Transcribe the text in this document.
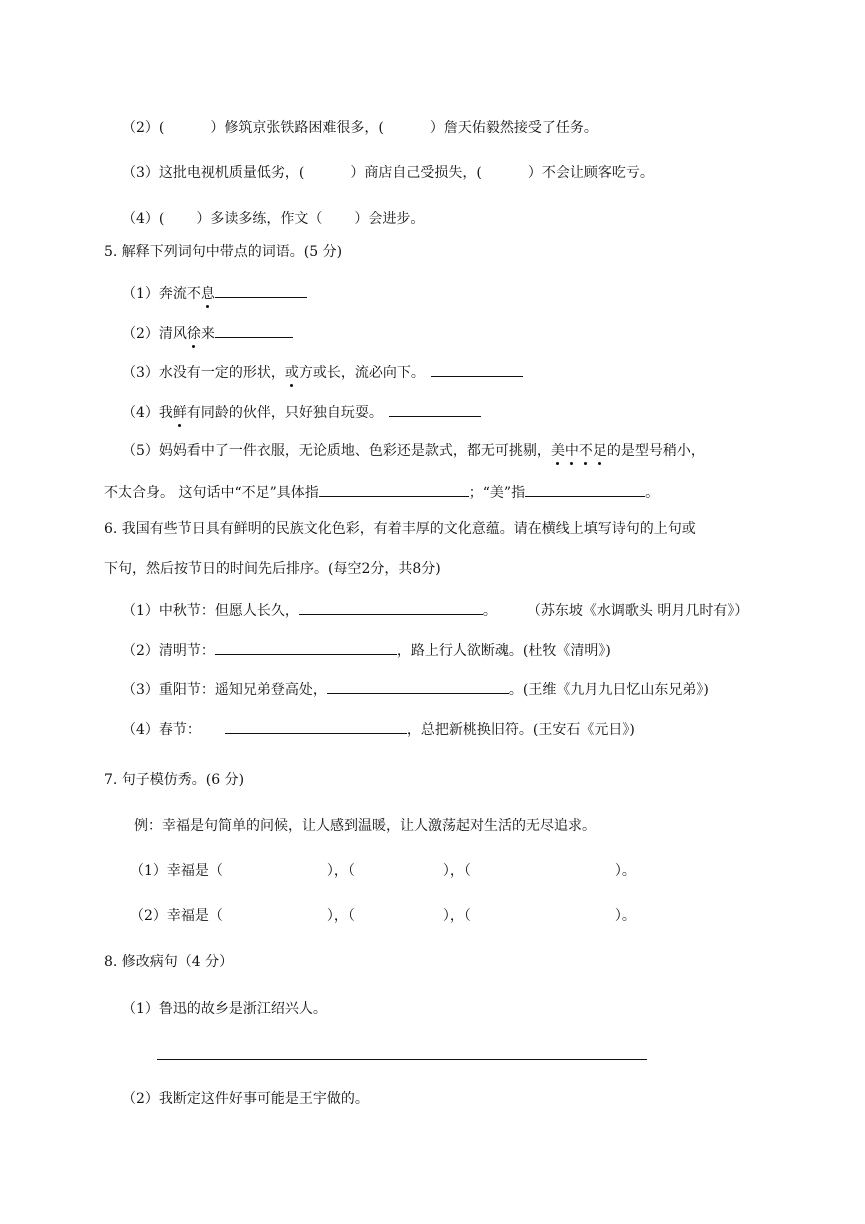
（2）(	）修筑京张铁路困难很多，(	）詹天佑毅然接受了任务。
（3）这批电视机质量低劣，(	）商店自己受损失，(	）不会让顾客吃亏。
（4）( ）多读多练，作文（ ）会进步。
5. 解释下列词句中带点的词语。(5 分)
（1）奔流不息
（2）清风徐来
（3）水没有一定的形状，或方或长，流必向下。
（4）我鲜有同龄的伙伴，只好独自玩耍。
（5）妈妈看中了一件衣服，无论质地、色彩还是款式，都无可挑剔，美中不足的是型号稍小，
不太合身。 这句话中“不足”具体指	；“美”指	。
6. 我国有些节日具有鲜明的民族文化色彩，有着丰厚的文化意蕴。请在横线上填写诗句的上句或
下句，然后按节日的时间先后排序。(每空2分，共8分)
（1）中秋节：但愿人长久，	。 （苏东坡《水调歌头 明月几时有》）
（2）清明节：	，路上行人欲断魂。(杜牧《清明》)
（3）重阳节：遥知兄弟登高处，	。(王维《九月九日忆山东兄弟》)
（4）春节：	，总把新桃换旧符。(王安石《元日》)
7. 句子模仿秀。(6 分)
例：幸福是句简单的问候，让人感到温暖，让人激荡起对生活的无尽追求。
（1）幸福是（	），（	），（	）。
（2）幸福是（	），（	），（	）。
8. 修改病句（4 分）
（1）鲁迅的故乡是浙江绍兴人。
（2）我断定这件好事可能是王宇做的。
